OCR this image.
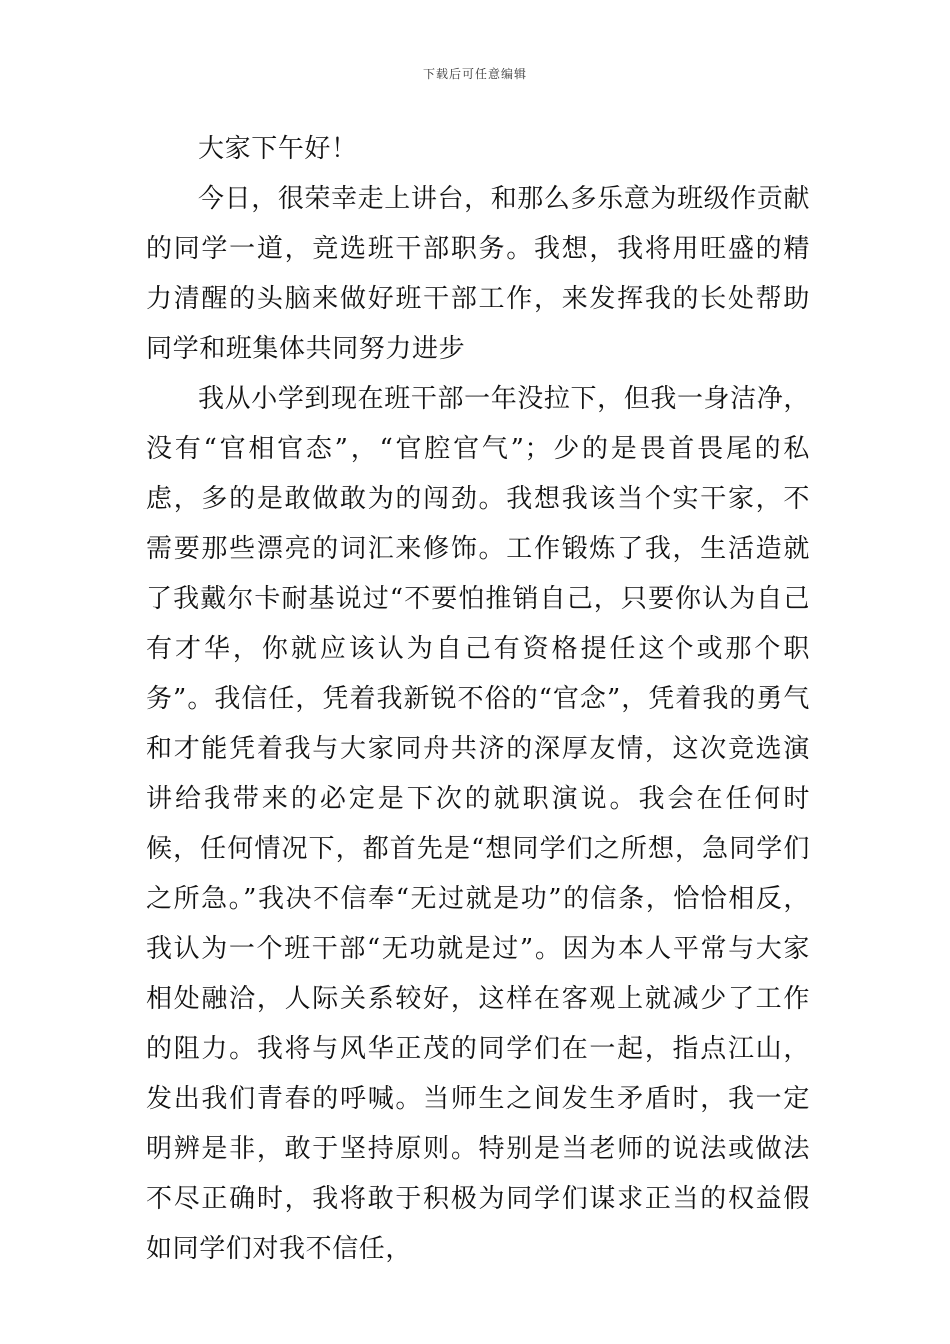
下载后可任意编辑

大家下午好！

今日，很荣幸走上讲台，和那么多乐意为班级作贡献的同学一道，竞选班干部职务。我想，我将用旺盛的精力清醒的头脑来做好班干部工作，来发挥我的长处帮助同学和班集体共同努力进步

我从小学到现在班干部一年没拉下，但我一身洁净，没有“官相官态”，“官腔官气”；少的是畏首畏尾的私虑，多的是敢做敢为的闯劲。我想我该当个实干家，不需要那些漂亮的词汇来修饰。工作锻炼了我，生活造就了我戴尔卡耐基说过“不要怕推销自己，只要你认为自己有才华，你就应该认为自己有资格提任这个或那个职务”。我信任，凭着我新锐不俗的“官念”，凭着我的勇气和才能凭着我与大家同舟共济的深厚友情，这次竞选演讲给我带来的必定是下次的就职演说。我会在任何时候，任何情况下，都首先是“想同学们之所想，急同学们之所急。”我决不信奉“无过就是功”的信条，恰恰相反，我认为一个班干部“无功就是过”。因为本人平常与大家相处融洽，人际关系较好，这样在客观上就减少了工作的阻力。我将与风华正茂的同学们在一起，指点江山，发出我们青春的呼喊。当师生之间发生矛盾时，我一定明辨是非，敢于坚持原则。特别是当老师的说法或做法不尽正确时，我将敢于积极为同学们谋求正当的权益假如同学们对我不信任，
